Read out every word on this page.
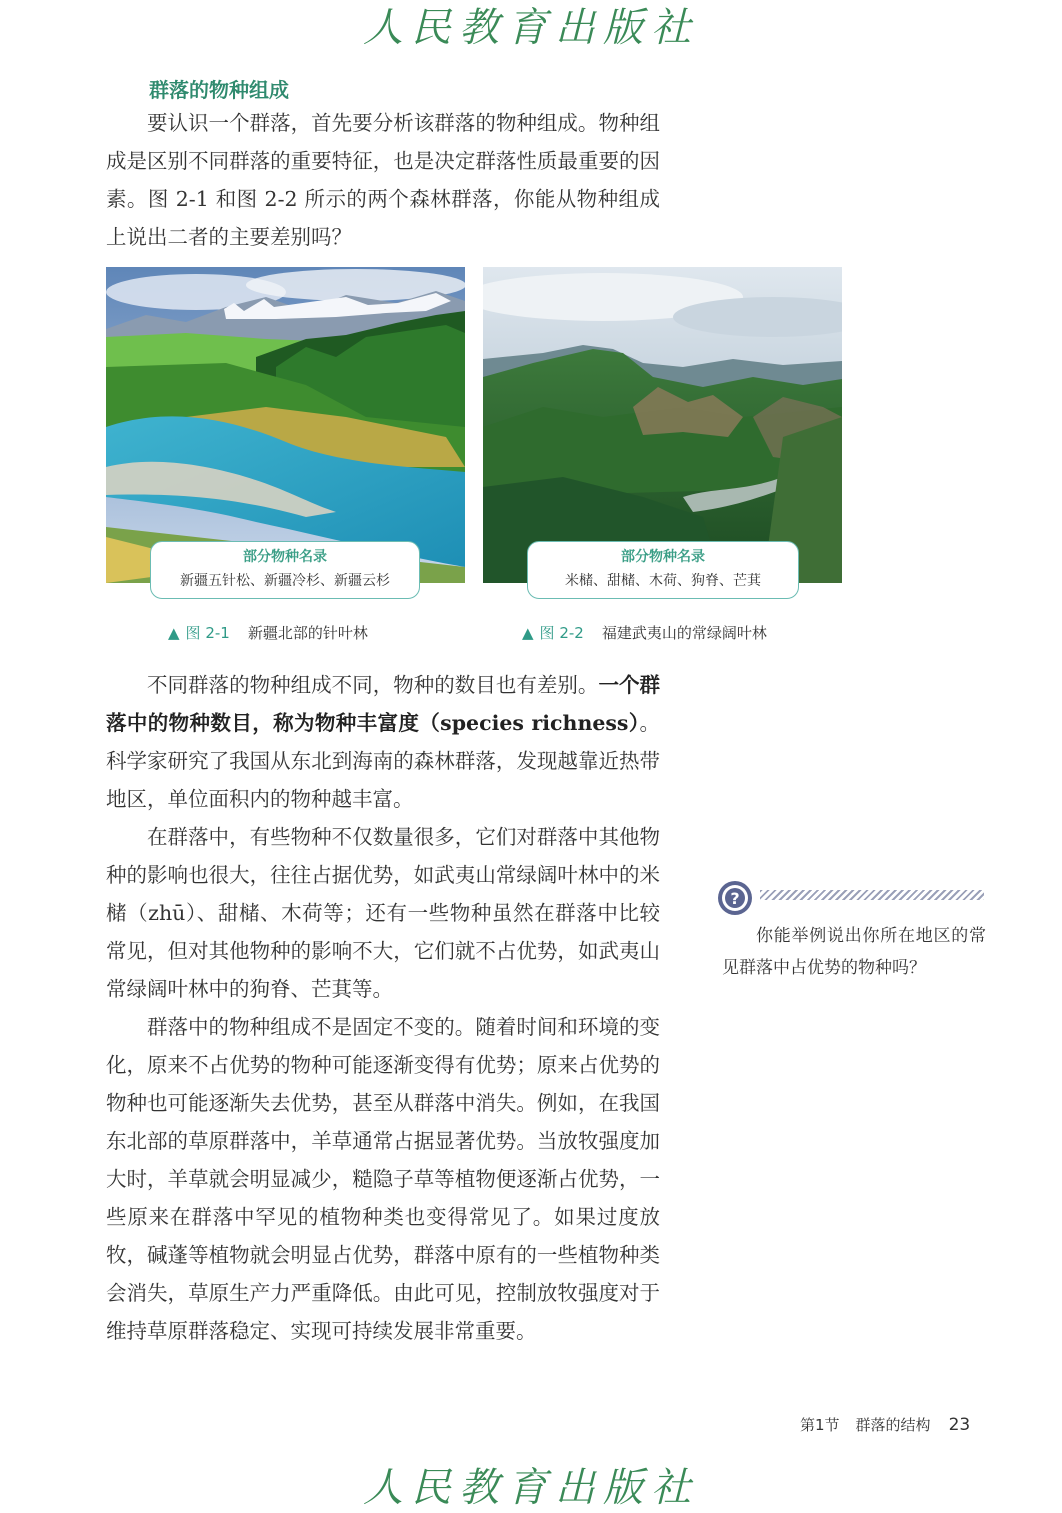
人民教育出版社
群落的物种组成

要认识一个群落，首先要分析该群落的物种组成。物种组成是区别不同群落的重要特征，也是决定群落性质最重要的因素。图 2-1 和图 2-2 所示的两个森林群落，你能从物种组成上说出二者的主要差别吗？

部分物种名录
新疆五针松、新疆冷杉、新疆云杉
部分物种名录
米槠、甜槠、木荷、狗脊、芒萁
▲ 图 2-1 新疆北部的针叶林	▲ 图 2-2 福建武夷山的常绿阔叶林

不同群落的物种组成不同，物种的数目也有差别。一个群落中的物种数目，称为物种丰富度（species richness）。科学家研究了我国从东北到海南的森林群落，发现越靠近热带地区，单位面积内的物种越丰富。

在群落中，有些物种不仅数量很多，它们对群落中其他物种的影响也很大，往往占据优势，如武夷山常绿阔叶林中的米槠（zhū）、甜槠、木荷等；还有一些物种虽然在群落中比较常见，但对其他物种的影响不大，它们就不占优势，如武夷山常绿阔叶林中的狗脊、芒萁等。

群落中的物种组成不是固定不变的。随着时间和环境的变化，原来不占优势的物种可能逐渐变得有优势；原来占优势的物种也可能逐渐失去优势，甚至从群落中消失。例如，在我国东北部的草原群落中，羊草通常占据显著优势。当放牧强度加大时，羊草就会明显减少，糙隐子草等植物便逐渐占优势，一些原来在群落中罕见的植物种类也变得常见了。如果过度放牧，碱蓬等植物就会明显占优势，群落中原有的一些植物种类会消失，草原生产力严重降低。由此可见，控制放牧强度对于维持草原群落稳定、实现可持续发展非常重要。

?
你能举例说出你所在地区的常见群落中占优势的物种吗？
第1节 群落的结构 23
人民教育出版社
